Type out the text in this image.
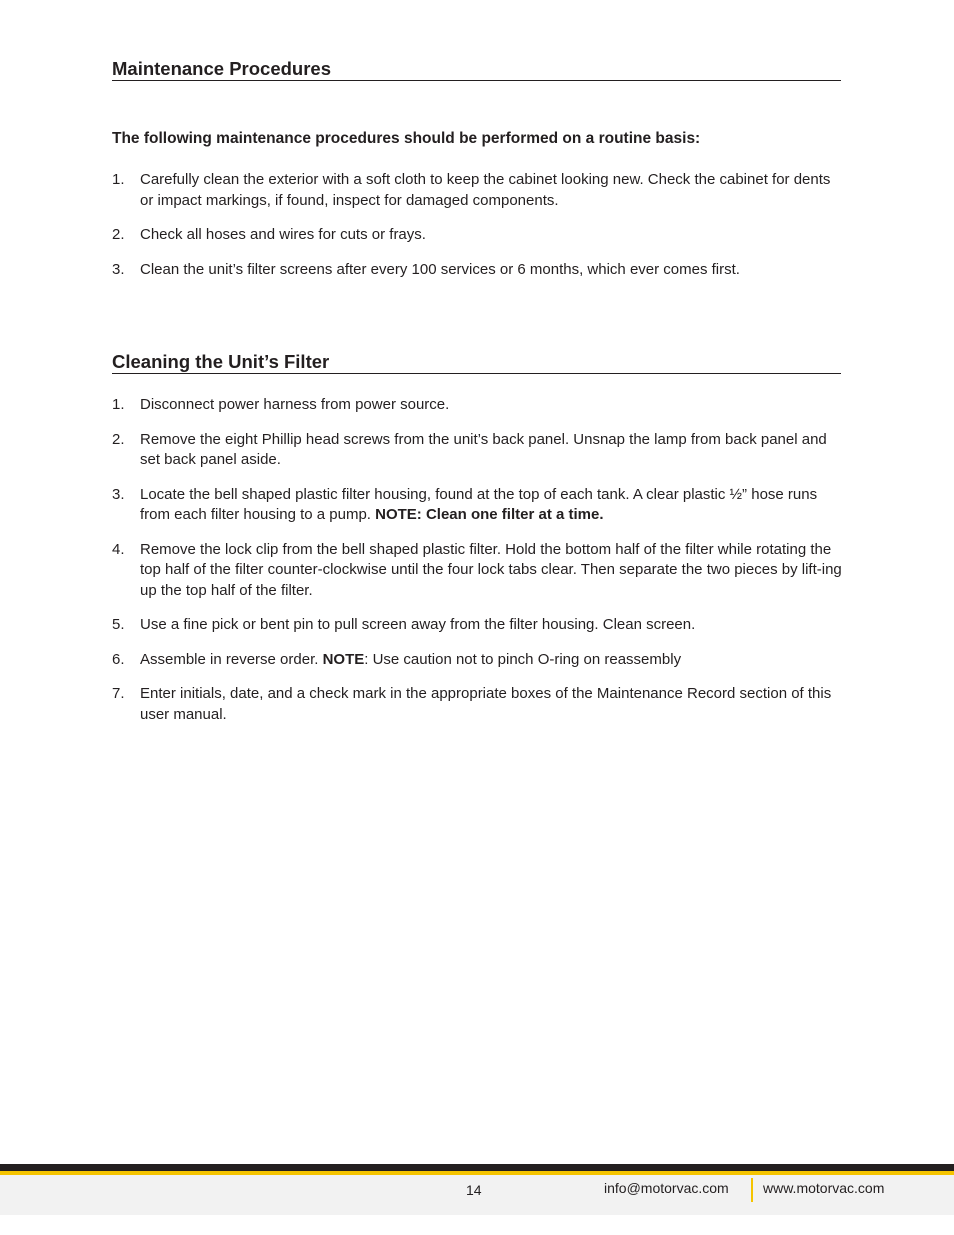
Maintenance Procedures
The following maintenance procedures should be performed on a routine basis:
1. Carefully clean the exterior with a soft cloth to keep the cabinet looking new. Check the cabinet for dents or impact markings, if found, inspect for damaged components.
2. Check all hoses and wires for cuts or frays.
3. Clean the unit’s filter screens after every 100 services or 6 months, which ever comes first.
Cleaning the Unit’s Filter
1. Disconnect power harness from power source.
2. Remove the eight Phillip head screws from the unit’s back panel. Unsnap the lamp from back panel and set back panel aside.
3. Locate the bell shaped plastic filter housing, found at the top of each tank. A clear plastic ½” hose runs from each filter housing to a pump. NOTE: Clean one filter at a time.
4. Remove the lock clip from the bell shaped plastic filter. Hold the bottom half of the filter while rotating the top half of the filter counter-clockwise until the four lock tabs clear. Then separate the two pieces by lift-ing up the top half of the filter.
5. Use a fine pick or bent pin to pull screen away from the filter housing. Clean screen.
6. Assemble in reverse order. NOTE: Use caution not to pinch O-ring on reassembly
7. Enter initials, date, and a check mark in the appropriate boxes of the Maintenance Record section of this user manual.
14	info@motorvac.com www.motorvac.com
